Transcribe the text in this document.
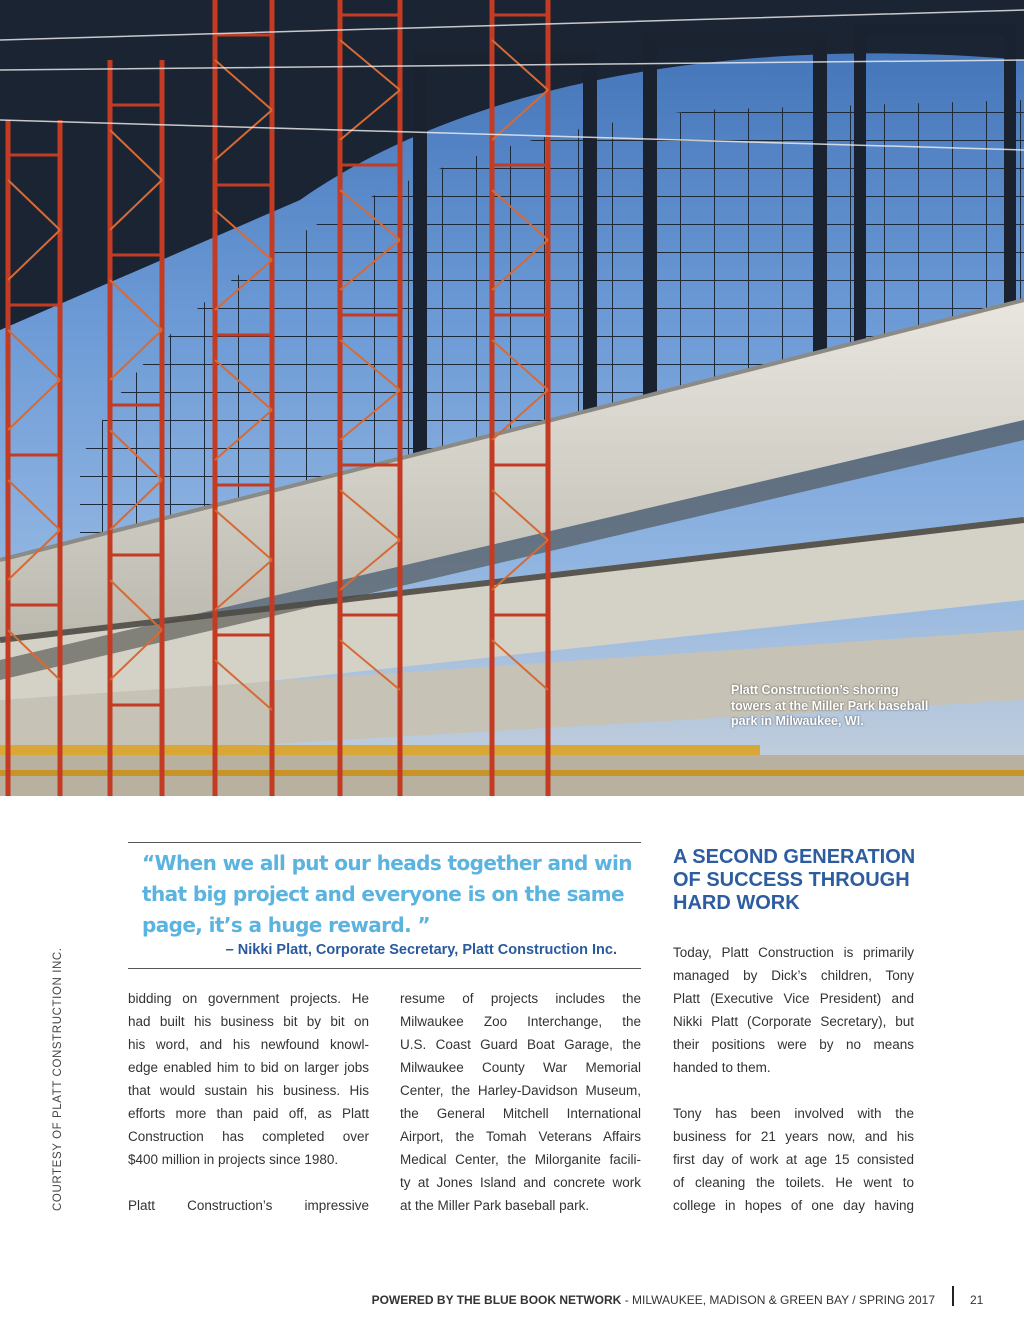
Platt Construction’s shoring towers at the Miller Park baseball park in Milwaukee, WI.
COURTESY OF PLATT CONSTRUCTION INC.
“When we all put our heads together and win that big project and everyone is on the same page, it’s a huge reward. ”
– Nikki Platt, Corporate Secretary, Platt Construction Inc.
bidding on government projects. He
had built his business bit by bit on
his word, and his newfound knowl-
edge enabled him to bid on larger jobs
that would sustain his business. His
efforts more than paid off, as Platt
Construction has completed over
$400 million in projects since 1980.
Platt Construction’s impressive
resume of projects includes the
Milwaukee Zoo Interchange, the
U.S. Coast Guard Boat Garage, the
Milwaukee County War Memorial
Center, the Harley-Davidson Museum,
the General Mitchell International
Airport, the Tomah Veterans Affairs
Medical Center, the Milorganite facili-
ty at Jones Island and concrete work
at the Miller Park baseball park.
A SECOND GENERATION OF SUCCESS THROUGH HARD WORK
Today, Platt Construction is primarily
managed by Dick’s children, Tony
Platt (Executive Vice President) and
Nikki Platt (Corporate Secretary), but
their positions were by no means
handed to them.
Tony has been involved with the
business for 21 years now, and his
first day of work at age 15 consisted
of cleaning the toilets. He went to
college in hopes of one day having
POWERED BY THE BLUE BOOK NETWORK - MILWAUKEE, MADISON & GREEN BAY / SPRING 2017	21
